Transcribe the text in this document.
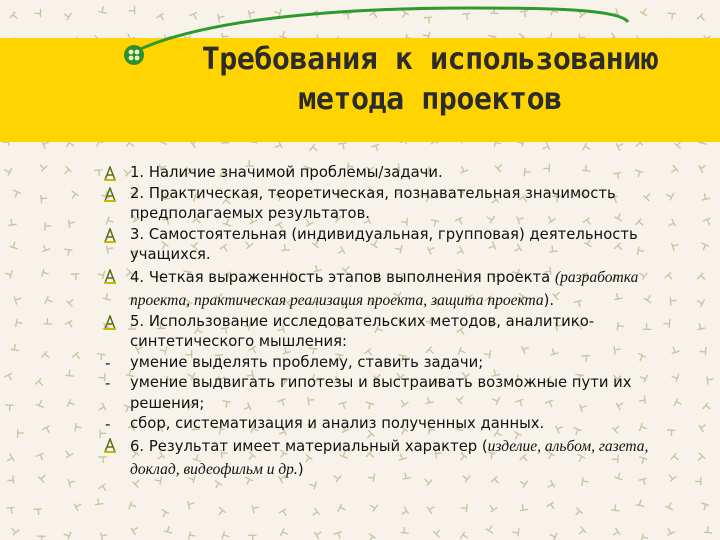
Требования к использованию
метода проектов
1. Наличие значимой проблемы/задачи.
2. Практическая, теоретическая, познавательная значимость предполагаемых результатов.
3. Самостоятельная (индивидуальная, групповая) деятельность учащихся.
4. Четкая выраженность этапов выполнения проекта (разработка проекта, практическая реализация проекта, защита проекта).
5. Использование исследовательских методов, аналитико-синтетического мышления:
- умение выделять проблему, ставить задачи;
- умение выдвигать гипотезы и выстраивать возможные пути их решения;
- сбор, систематизация и анализ полученных данных.
6. Результат имеет материальный характер (изделие, альбом, газета, доклад, видеофильм и др.)
